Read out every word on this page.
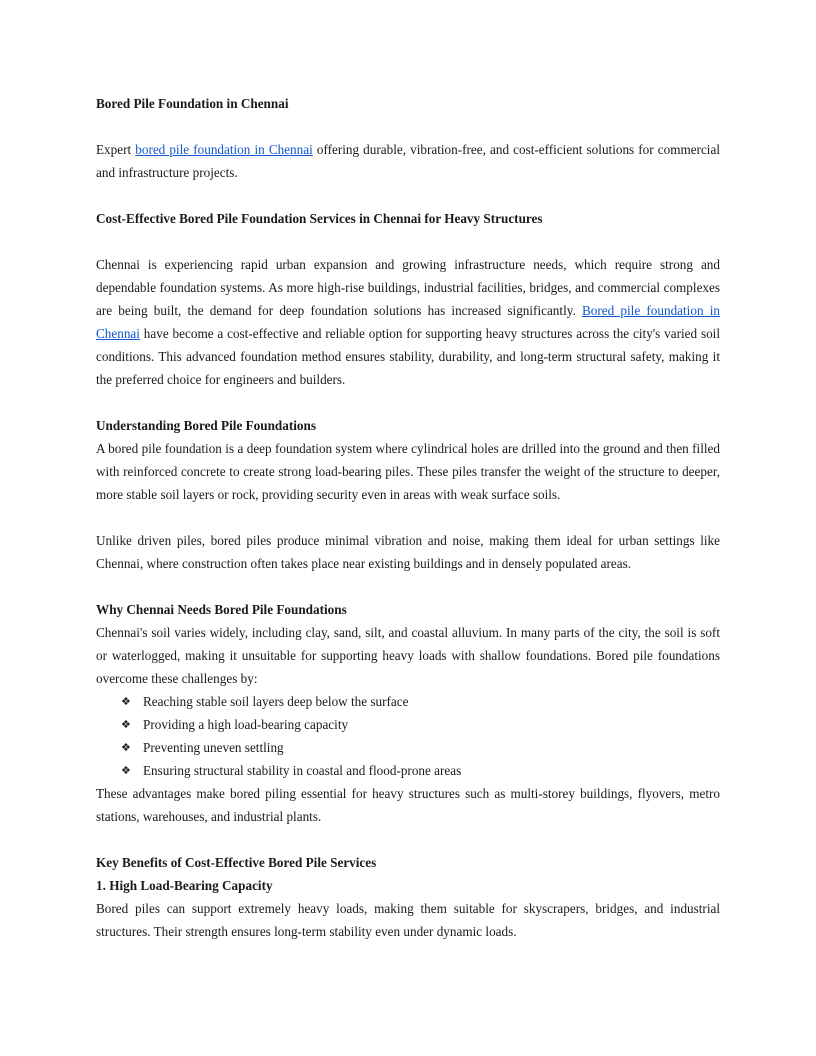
Bored Pile Foundation in Chennai

Expert bored pile foundation in Chennai offering durable, vibration-free, and cost-efficient solutions for commercial and infrastructure projects.

Cost-Effective Bored Pile Foundation Services in Chennai for Heavy Structures

Chennai is experiencing rapid urban expansion and growing infrastructure needs, which require strong and dependable foundation systems. As more high-rise buildings, industrial facilities, bridges, and commercial complexes are being built, the demand for deep foundation solutions has increased significantly. Bored pile foundation in Chennai have become a cost-effective and reliable option for supporting heavy structures across the city's varied soil conditions. This advanced foundation method ensures stability, durability, and long-term structural safety, making it the preferred choice for engineers and builders.

Understanding Bored Pile Foundations

A bored pile foundation is a deep foundation system where cylindrical holes are drilled into the ground and then filled with reinforced concrete to create strong load-bearing piles. These piles transfer the weight of the structure to deeper, more stable soil layers or rock, providing security even in areas with weak surface soils.

Unlike driven piles, bored piles produce minimal vibration and noise, making them ideal for urban settings like Chennai, where construction often takes place near existing buildings and in densely populated areas.

Why Chennai Needs Bored Pile Foundations

Chennai's soil varies widely, including clay, sand, silt, and coastal alluvium. In many parts of the city, the soil is soft or waterlogged, making it unsuitable for supporting heavy loads with shallow foundations. Bored pile foundations overcome these challenges by:

❖ Reaching stable soil layers deep below the surface
❖ Providing a high load-bearing capacity
❖ Preventing uneven settling
❖ Ensuring structural stability in coastal and flood-prone areas

These advantages make bored piling essential for heavy structures such as multi-storey buildings, flyovers, metro stations, warehouses, and industrial plants.

Key Benefits of Cost-Effective Bored Pile Services
1. High Load-Bearing Capacity

Bored piles can support extremely heavy loads, making them suitable for skyscrapers, bridges, and industrial structures. Their strength ensures long-term stability even under dynamic loads.
